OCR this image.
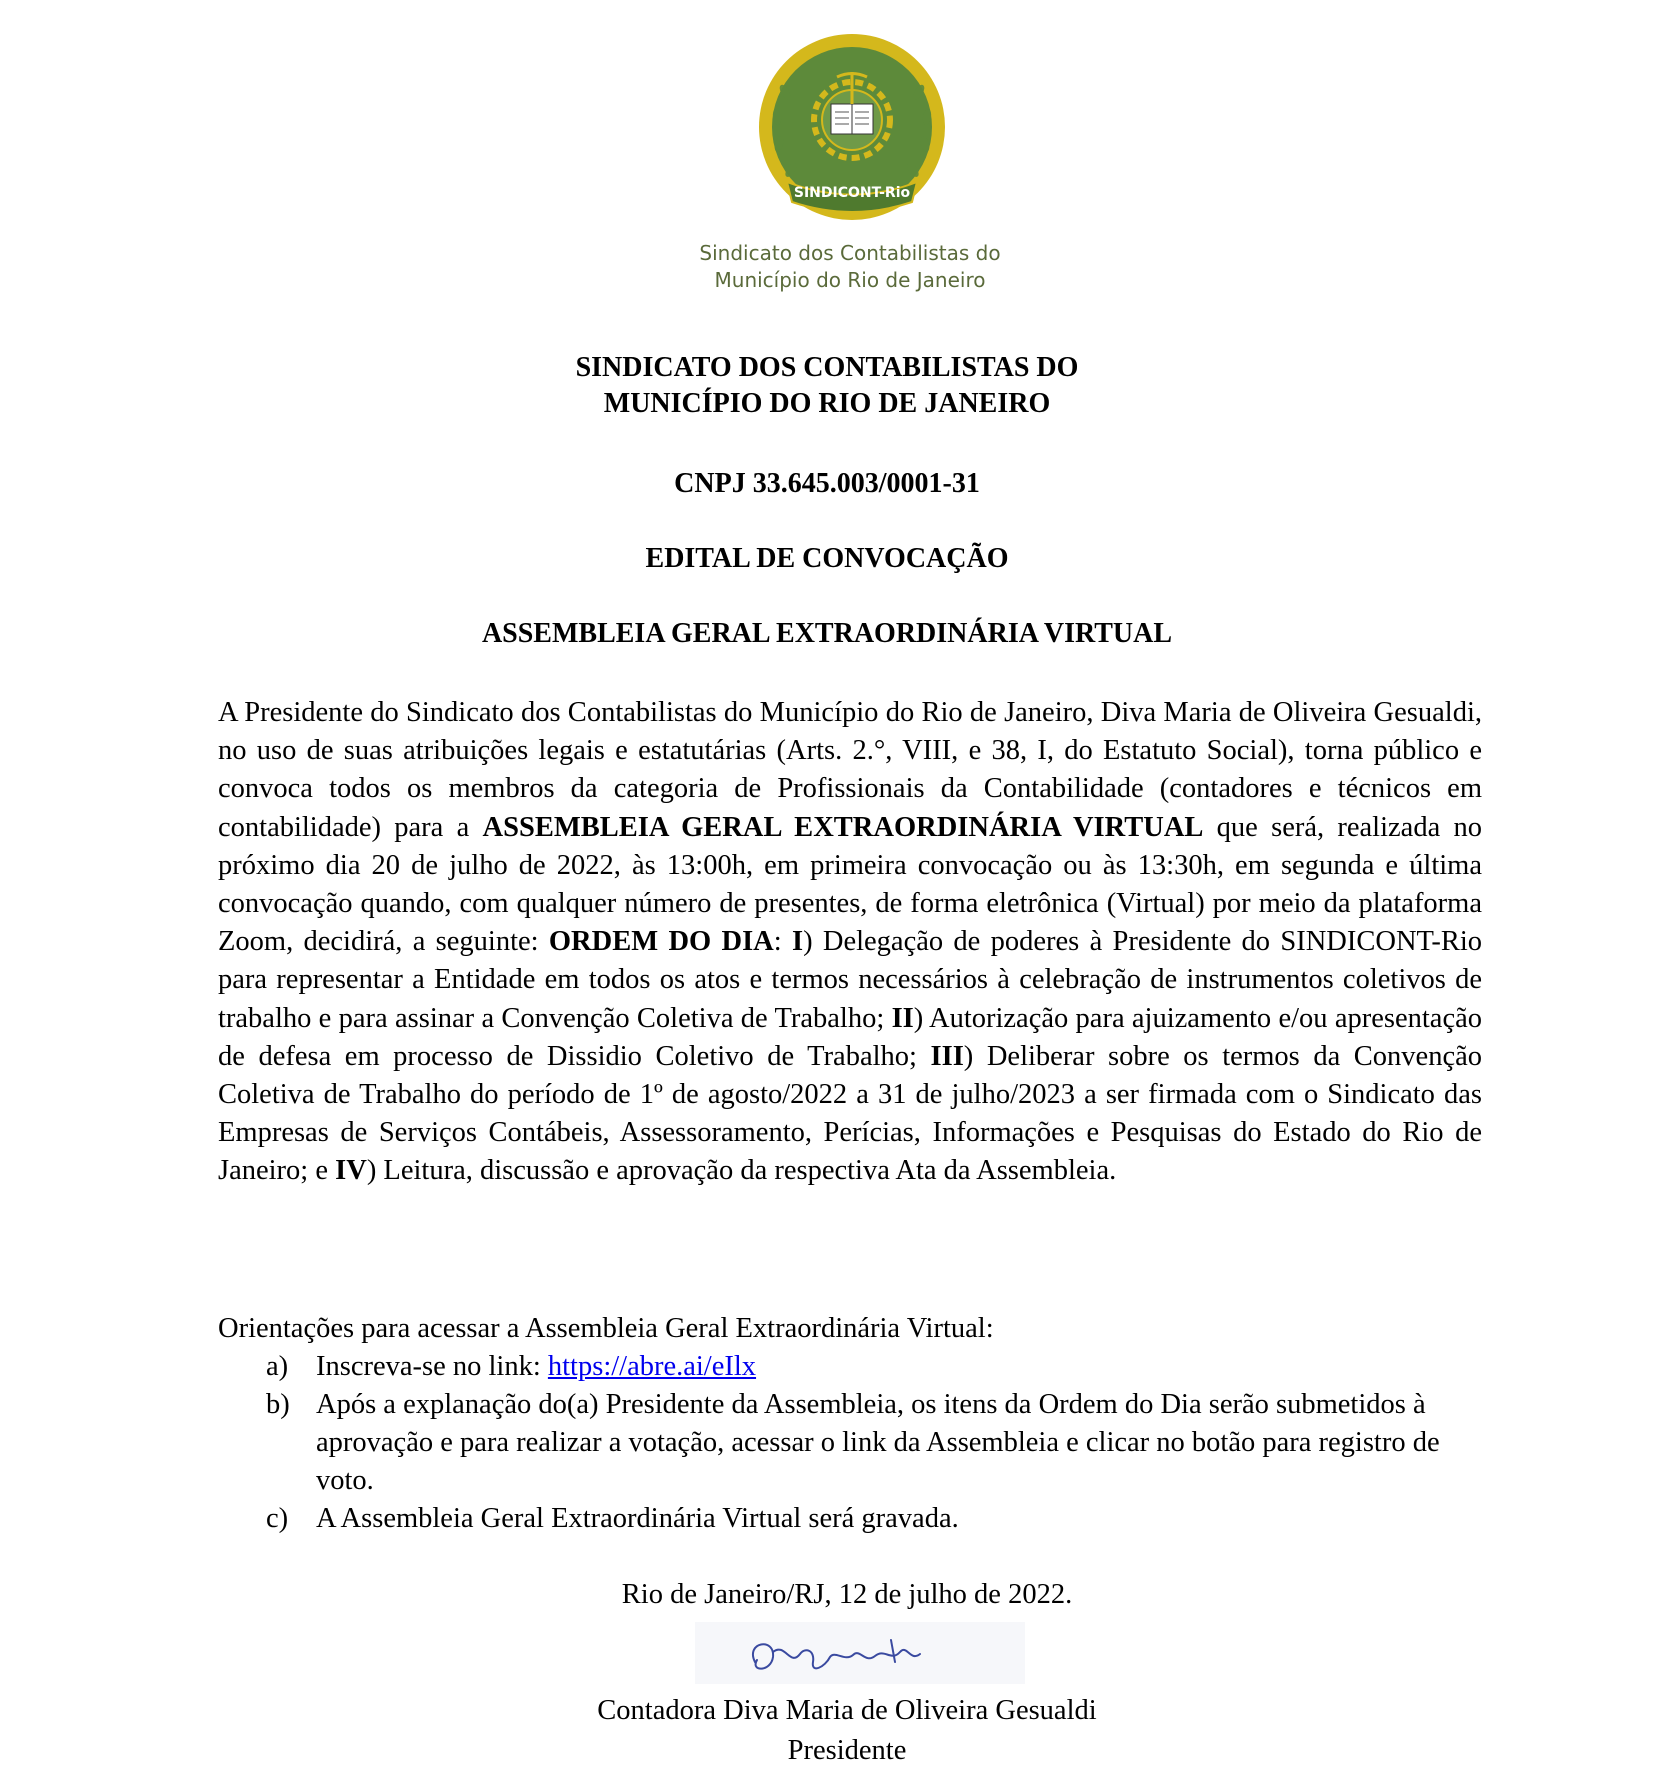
SINDICONT-Rio
Sindicato dos Contabilistas do
Município do Rio de Janeiro
SINDICATO DOS CONTABILISTAS DO
MUNICÍPIO DO RIO DE JANEIRO
CNPJ 33.645.003/0001-31
EDITAL DE CONVOCAÇÃO
ASSEMBLEIA GERAL EXTRAORDINÁRIA VIRTUAL
A Presidente do Sindicato dos Contabilistas do Município do Rio de Janeiro, Diva Maria de Oliveira Gesualdi, no uso de suas atribuições legais e estatutárias (Arts. 2.°, VIII, e 38, I, do Estatuto Social), torna público e convoca todos os membros da categoria de Profissionais da Contabilidade (contadores e técnicos em contabilidade) para a ASSEMBLEIA GERAL EXTRAORDINÁRIA VIRTUAL que será, realizada no próximo dia 20 de julho de 2022, às 13:00h, em primeira convocação ou às 13:30h, em segunda e última convocação quando, com qualquer número de presentes, de forma eletrônica (Virtual) por meio da plataforma Zoom, decidirá, a seguinte: ORDEM DO DIA: I) Delegação de poderes à Presidente do SINDICONT-Rio para representar a Entidade em todos os atos e termos necessários à celebração de instrumentos coletivos de trabalho e para assinar a Convenção Coletiva de Trabalho; II) Autorização para ajuizamento e/ou apresentação de defesa em processo de Dissidio Coletivo de Trabalho; III) Deliberar sobre os termos da Convenção Coletiva de Trabalho do período de 1º de agosto/2022 a 31 de julho/2023 a ser firmada com o Sindicato das Empresas de Serviços Contábeis, Assessoramento, Perícias, Informações e Pesquisas do Estado do Rio de Janeiro; e IV) Leitura, discussão e aprovação da respectiva Ata da Assembleia.
Orientações para acessar a Assembleia Geral Extraordinária Virtual:
a) Inscreva-se no link: https://abre.ai/eIlx
b) Após a explanação do(a) Presidente da Assembleia, os itens da Ordem do Dia serão submetidos à aprovação e para realizar a votação, acessar o link da Assembleia e clicar no botão para registro de voto.
c) A Assembleia Geral Extraordinária Virtual será gravada.
Rio de Janeiro/RJ, 12 de julho de 2022.
Contadora Diva Maria de Oliveira Gesualdi
Presidente
